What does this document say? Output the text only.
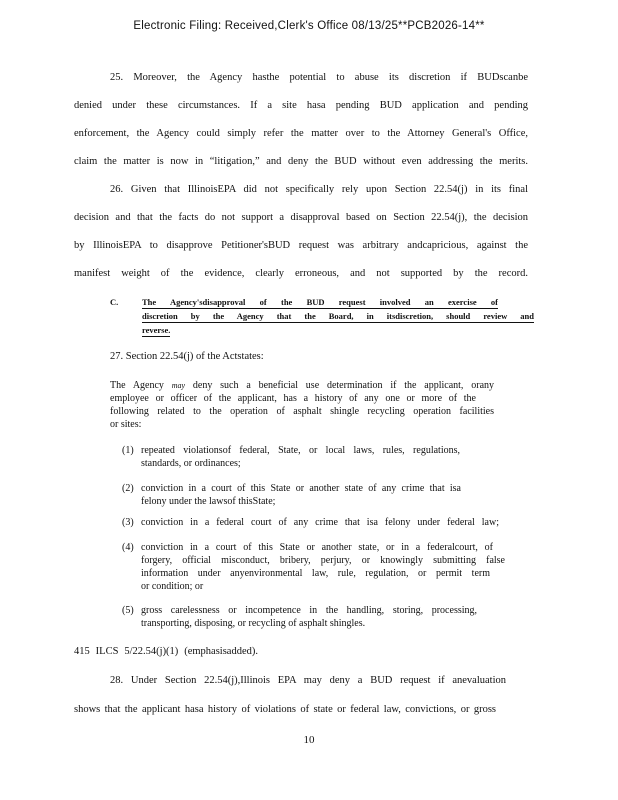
Electronic Filing: Received,Clerk's Office 08/13/25**PCB2026-14**
25. Moreover, the Agency hasthe potential to abuse its discretion if BUDscanbe
denied under these circumstances. If a site hasa pending BUD application and pending
enforcement, the Agency could simply refer the matter over to the Attorney General's Office,
claim the matter is now in “litigation,” and deny the BUD without even addressing the merits.
26. Given that IllinoisEPA did not specifically rely upon Section 22.54(j) in its final
decision and that the facts do not support a disapproval based on Section 22.54(j), the decision
by IllinoisEPA to disapprove Petitioner'sBUD request was arbitrary andcapricious, against the
manifest weight of the evidence, clearly erroneous, and not supported by the record.
C.	The Agency'sdisapproval of the BUD request involved an exercise of
discretion by the Agency that the Board, in itsdiscretion, should review and
reverse.
27. Section 22.54(j) of the Actstates:
The Agency may deny such a beneficial use determination if the applicant, orany
employee or officer of the applicant, has a history of any one or more of the
following related to the operation of asphalt shingle recycling operation facilities
or sites:
(1) repeated violationsof federal, State, or local laws, rules, regulations,
standards, or ordinances;
(2) conviction in a court of this State or another state of any crime that isa
felony under the lawsof thisState;
(3) conviction in a federal court of any crime that isa felony under federal law;
(4) conviction in a court of this State or another state, or in a federalcourt, of
forgery, official misconduct, bribery, perjury, or knowingly submitting false
information under anyenvironmental law, rule, regulation, or permit term
or condition; or
(5) gross carelessness or incompetence in the handling, storing, processing,
transporting, disposing, or recycling of asphalt shingles.
415 ILCS 5/22.54(j)(1) (emphasisadded).
28. Under Section 22.54(j),Illinois EPA may deny a BUD request if anevaluation
shows that the applicant hasa history of violations of state or federal law, convictions, or gross
10
